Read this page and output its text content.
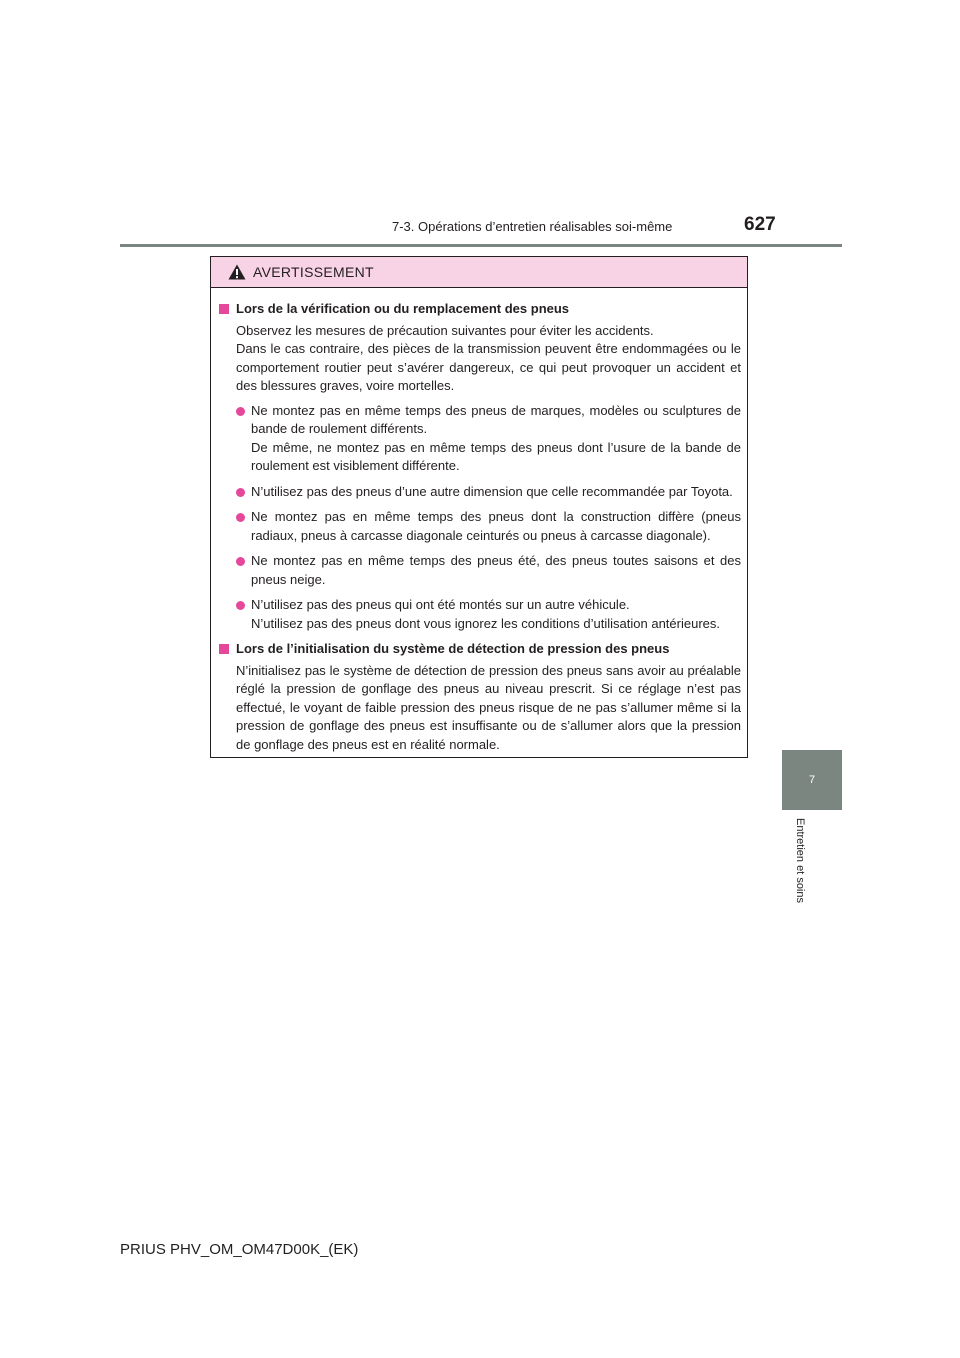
7-3. Opérations d’entretien réalisables soi-même	627
7
Entretien et soins
AVERTISSEMENT
Lors de la vérification ou du remplacement des pneus
Observez les mesures de précaution suivantes pour éviter les accidents.
Dans le cas contraire, des pièces de la transmission peuvent être endommagées ou le comportement routier peut s’avérer dangereux, ce qui peut provoquer un accident et des blessures graves, voire mortelles.
Ne montez pas en même temps des pneus de marques, modèles ou sculptures de bande de roulement différents.
De même, ne montez pas en même temps des pneus dont l’usure de la bande de roulement est visiblement différente.
N’utilisez pas des pneus d’une autre dimension que celle recommandée par Toyota.
Ne montez pas en même temps des pneus dont la construction diffère (pneus radiaux, pneus à carcasse diagonale ceinturés ou pneus à carcasse diagonale).
Ne montez pas en même temps des pneus été, des pneus toutes saisons et des pneus neige.
N’utilisez pas des pneus qui ont été montés sur un autre véhicule.
N’utilisez pas des pneus dont vous ignorez les conditions d’utilisation antérieures.
Lors de l’initialisation du système de détection de pression des pneus
N’initialisez pas le système de détection de pression des pneus sans avoir au préalable réglé la pression de gonflage des pneus au niveau prescrit. Si ce réglage n’est pas effectué, le voyant de faible pression des pneus risque de ne pas s’allumer même si la pression de gonflage des pneus est insuffisante ou de s’allumer alors que la pression de gonflage des pneus est en réalité normale.
PRIUS PHV_OM_OM47D00K_(EK)
